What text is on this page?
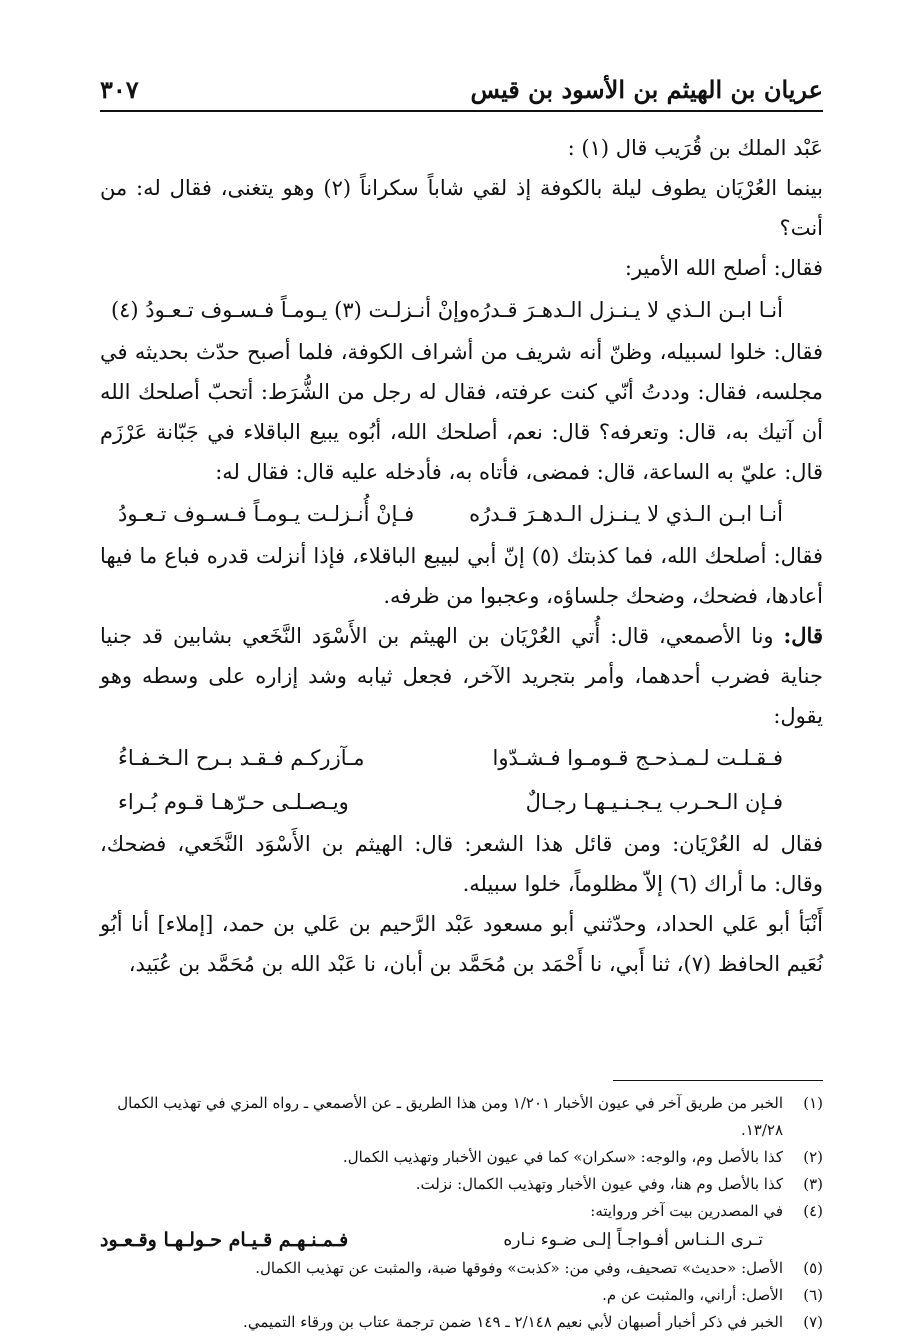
عريان بن الهيثم بن الأسود بن قيس
٣٠٧

عَبْد الملك بن قُرَيب قال (١) :

بينما العُرْيَان يطوف ليلة بالكوفة إذ لقي شاباً سكراناً (٢) وهو يتغنى، فقال له: من أنت؟

فقال: أصلح الله الأمير:

أنـا ابـن الـذي لا يـنـزل الـدهـرَ قـدرُه
وإنْ أنـزلـت (٣) يـومـاً فـسـوف تـعـودُ (٤)

فقال: خلوا لسبيله، وظنّ أنه شريف من أشراف الكوفة، فلما أصبح حدّث بحديثه في مجلسه، فقال: وددتُ أنّي كنت عرفته، فقال له رجل من الشُّرَط: أتحبّ أصلحك الله أن آتيك به، قال: وتعرفه؟ قال: نعم، أصلحك الله، أبُوه يبيع الباقلاء في جَبّانة عَرْزَم قال: عليّ به الساعة، قال: فمضى، فأتاه به، فأدخله عليه قال: فقال له:

أنـا ابـن الـذي لا يـنـزل الـدهـرَ قـدرُه
فـإنْ أُنـزلـت يـومـاً فـسـوف تـعـودُ

فقال: أصلحك الله، فما كذبتك (٥) إنّ أبي لبيبع الباقلاء، فإذا أنزلت قدره فباع ما فيها أعادها، فضحك، وضحك جلساؤه، وعجبوا من ظرفه.

قال: ونا الأصمعي، قال: أُتي العُرْيَان بن الهيثم بن الأَسْوَد النَّخَعي بشابين قد جنيا جناية فضرب أحدهما، وأمر بتجريد الآخر، فجعل ثيابه وشد إزاره على وسطه وهو يقول:

فـقـلـت لـمـذحـج قـومـوا فـشـدّوا
مـآزركـم فـقـد بـرح الـخـفـاءُ
فـإن الـحـرب يـجـنـيـهـا رجـالٌ
ويـصـلـى حـرّهـا قـوم بُـراء

فقال له العُرْيَان: ومن قائل هذا الشعر: قال: الهيثم بن الأَسْوَد النَّخَعي، فضحك، وقال: ما أراك (٦) إلاّ مظلوماً، خلوا سبيله.

أَنْبَأ أبو عَلي الحداد، وحدّثني أبو مسعود عَبْد الرَّحيم بن عَلي بن حمد، [إملاء] أنا أبُو نُعَيم الحافظ (٧)، ثنا أَبي، نا أَحْمَد بن مُحَمَّد بن أبان، نا عَبْد الله بن مُحَمَّد بن عُبَيد،

(١)
الخبر من طريق آخر في عيون الأخبار ١/٢٠١ ومن هذا الطريق ـ عن الأصمعي ـ رواه المزي في تهذيب الكمال ١٣/٢٨.
(٢)
كذا بالأصل وم، والوجه: «سكران» كما في عيون الأخبار وتهذيب الكمال.
(٣)
كذا بالأصل وم هنا، وفي عيون الأخبار وتهذيب الكمال: نزلت.
(٤)
في المصدرين بيت آخر وروايته:
تـرى الـنـاس أفـواجـاً إلـى ضـوء نـاره
فـمـنـهـم قـيـام حـولـهـا وقـعـود
(٥)
الأصل: «حديث» تصحيف، وفي من: «كذبت» وفوقها ضبة، والمثبت عن تهذيب الكمال.
(٦)
الأصل: أراني، والمثبت عن م.
(٧)
الخبر في ذكر أخبار أصبهان لأبي نعيم ٢/١٤٨ ـ ١٤٩ ضمن ترجمة عتاب بن ورقاء التميمي.
